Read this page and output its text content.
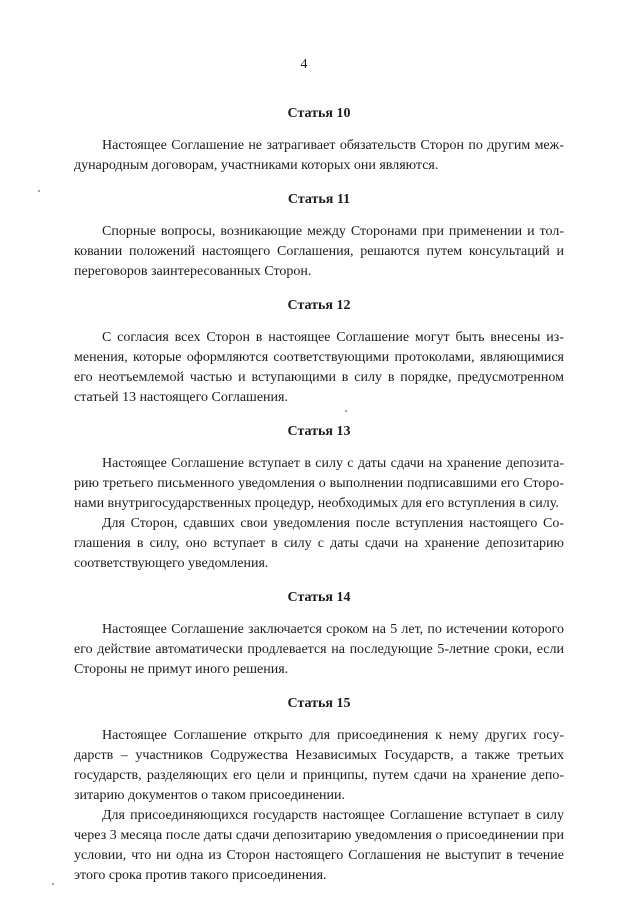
4
Статья 10

Настоящее Соглашение не затрагивает обязательств Сторон по другим международным договорам, участниками которых они являются.

Статья 11

Спорные вопросы, возникающие между Сторонами при применении и толковании положений настоящего Соглашения, решаются путем консультаций и переговоров заинтересованных Сторон.

Статья 12

С согласия всех Сторон в настоящее Соглашение могут быть внесены изменения, которые оформляются соответствующими протоколами, являющимися его неотъемлемой частью и вступающими в силу в порядке, предусмотренном статьей 13 настоящего Соглашения.

Статья 13

Настоящее Соглашение вступает в силу с даты сдачи на хранение депозитарию третьего письменного уведомления о выполнении подписавшими его Сторонами внутригосударственных процедур, необходимых для его вступления в силу.

Для Сторон, сдавших свои уведомления после вступления настоящего Соглашения в силу, оно вступает в силу с даты сдачи на хранение депозитарию соответствующего уведомления.

Статья 14

Настоящее Соглашение заключается сроком на 5 лет, по истечении которого его действие автоматически продлевается на последующие 5-летние сроки, если Стороны не примут иного решения.

Статья 15

Настоящее Соглашение открыто для присоединения к нему других государств – участников Содружества Независимых Государств, а также третьих государств, разделяющих его цели и принципы, путем сдачи на хранение депозитарию документов о таком присоединении.

Для присоединяющихся государств настоящее Соглашение вступает в силу через 3 месяца после даты сдачи депозитарию уведомления о присоединении при условии, что ни одна из Сторон настоящего Соглашения не выступит в течение этого срока против такого присоединения.
